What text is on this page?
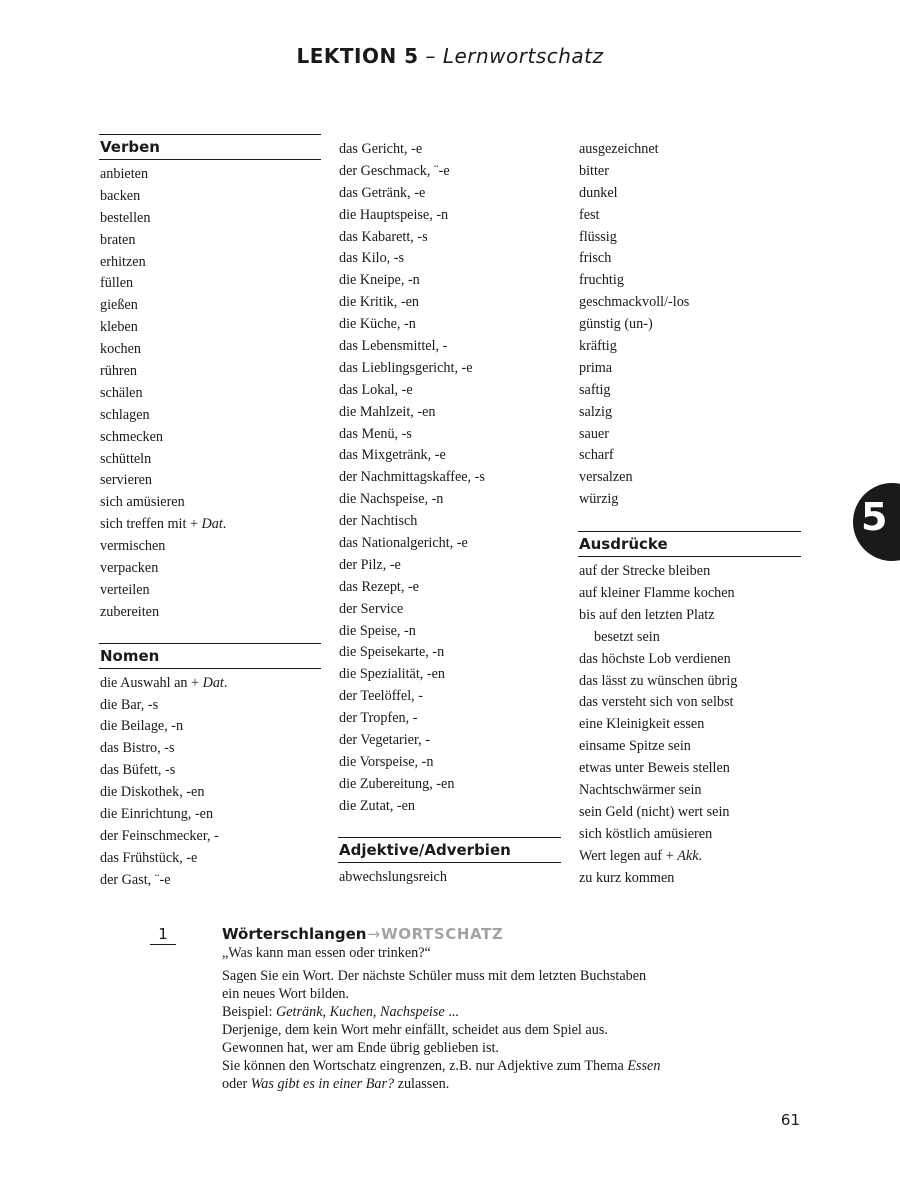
LEKTION 5 – Lernwortschatz
Verben
anbieten
backen
bestellen
braten
erhitzen
füllen
gießen
kleben
kochen
rühren
schälen
schlagen
schmecken
schütteln
servieren
sich amüsieren
sich treffen mit + Dat.
vermischen
verpacken
verteilen
zubereiten
Nomen
die Auswahl an + Dat.
die Bar, -s
die Beilage, -n
das Bistro, -s
das Büfett, -s
die Diskothek, -en
die Einrichtung, -en
der Feinschmecker, -
das Frühstück, -e
der Gast, ¨-e
das Gericht, -e
der Geschmack, ¨-e
das Getränk, -e
die Hauptspeise, -n
das Kabarett, -s
das Kilo, -s
die Kneipe, -n
die Kritik, -en
die Küche, -n
das Lebensmittel, -
das Lieblingsgericht, -e
das Lokal, -e
die Mahlzeit, -en
das Menü, -s
das Mixgetränk, -e
der Nachmittagskaffee, -s
die Nachspeise, -n
der Nachtisch
das Nationalgericht, -e
der Pilz, -e
das Rezept, -e
der Service
die Speise, -n
die Speisekarte, -n
die Spezialität, -en
der Teelöffel, -
der Tropfen, -
der Vegetarier, -
die Vorspeise, -n
die Zubereitung, -en
die Zutat, -en
Adjektive/Adverbien
abwechslungsreich
ausgezeichnet
bitter
dunkel
fest
flüssig
frisch
fruchtig
geschmackvoll/-los
günstig (un-)
kräftig
prima
saftig
salzig
sauer
scharf
versalzen
würzig
Ausdrücke
auf der Strecke bleiben
auf kleiner Flamme kochen
bis auf den letzten Platz
besetzt sein
das höchste Lob verdienen
das lässt zu wünschen übrig
das versteht sich von selbst
eine Kleinigkeit essen
einsame Spitze sein
etwas unter Beweis stellen
Nachtschwärmer sein
sein Geld (nicht) wert sein
sich köstlich amüsieren
Wert legen auf + Akk.
zu kurz kommen
5
1	Wörterschlangen→WORTSCHATZ

„Was kann man essen oder trinken?“

Sagen Sie ein Wort. Der nächste Schüler muss mit dem letzten Buchstaben
ein neues Wort bilden.

Beispiel: Getränk, Kuchen, Nachspeise ...

Derjenige, dem kein Wort mehr einfällt, scheidet aus dem Spiel aus.
Gewonnen hat, wer am Ende übrig geblieben ist.
Sie können den Wortschatz eingrenzen, z.B. nur Adjektive zum Thema Essen
oder Was gibt es in einer Bar? zulassen.

61
